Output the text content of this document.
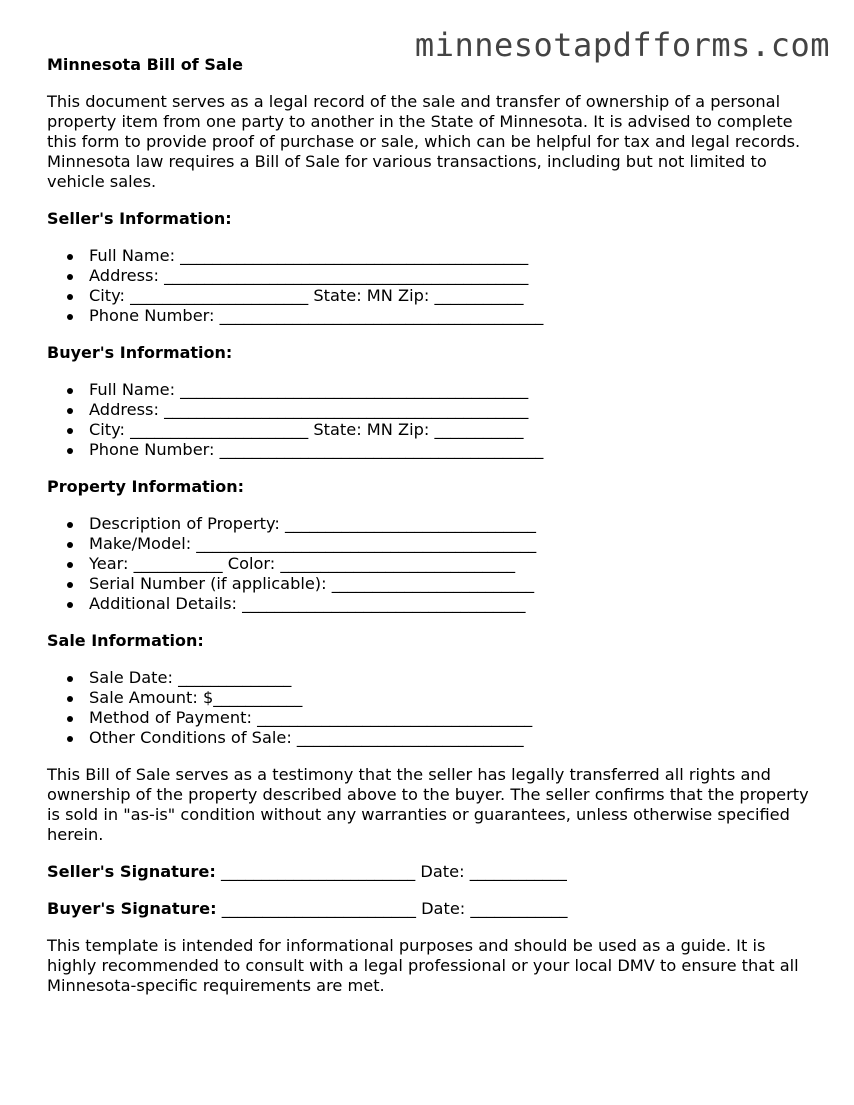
minnesotapdfforms.com
Minnesota Bill of Sale

This document serves as a legal record of the sale and transfer of ownership of a personal property item from one party to another in the State of Minnesota. It is advised to complete this form to provide proof of purchase or sale, which can be helpful for tax and legal records. Minnesota law requires a Bill of Sale for various transactions, including but not limited to vehicle sales.

Seller's Information:
Full Name: ___________________________________________
Address: _____________________________________________
City: ______________________ State: MN Zip: ___________
Phone Number: ________________________________________
Buyer's Information:
Full Name: ___________________________________________
Address: _____________________________________________
City: ______________________ State: MN Zip: ___________
Phone Number: ________________________________________
Property Information:
Description of Property: _______________________________
Make/Model: __________________________________________
Year: ___________ Color: _____________________________
Serial Number (if applicable): _________________________
Additional Details: ___________________________________
Sale Information:
Sale Date: ______________
Sale Amount: $___________
Method of Payment: __________________________________
Other Conditions of Sale: ____________________________

This Bill of Sale serves as a testimony that the seller has legally transferred all rights and ownership of the property described above to the buyer. The seller confirms that the property is sold in "as-is" condition without any warranties or guarantees, unless otherwise specified herein.

Seller's Signature: ________________________ Date: ____________
Buyer's Signature: ________________________ Date: ____________

This template is intended for informational purposes and should be used as a guide. It is highly recommended to consult with a legal professional or your local DMV to ensure that all Minnesota-specific requirements are met.
